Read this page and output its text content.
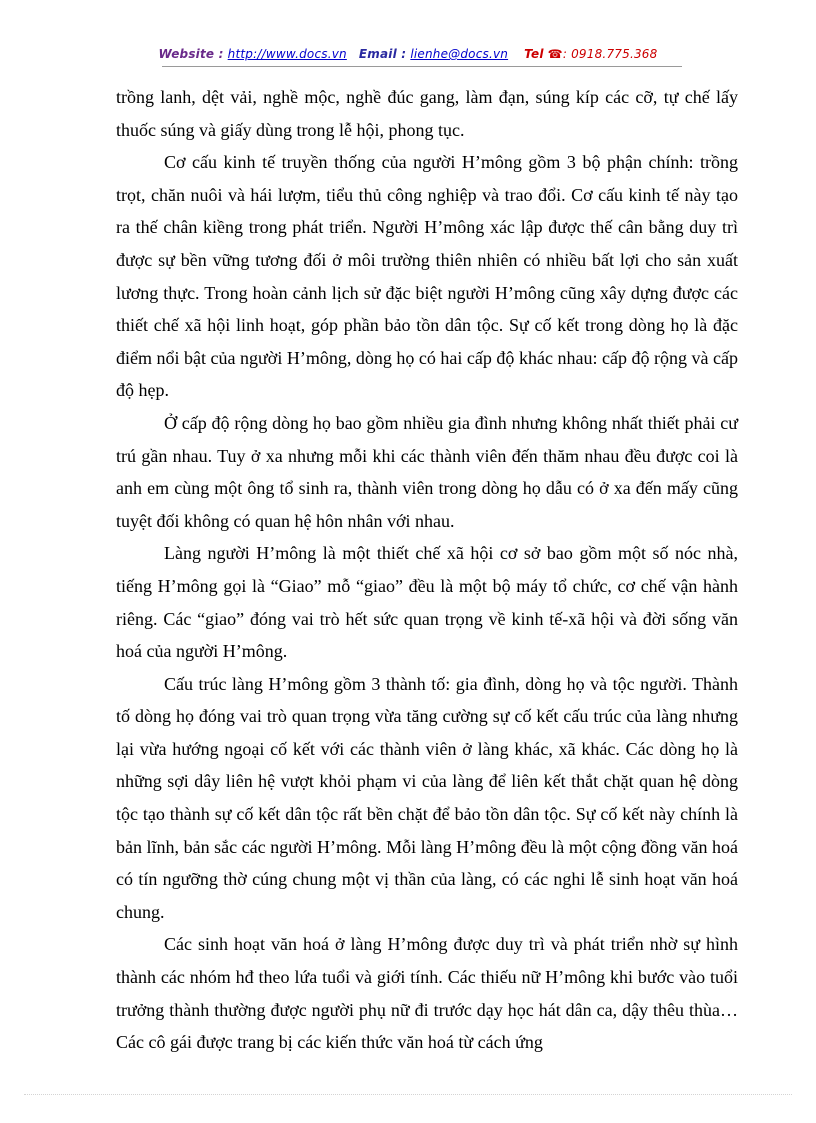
Website : http://www.docs.vn Email : lienhe@docs.vn Tel ☎: 0918.775.368

trồng lanh, dệt vải, nghề mộc, nghề đúc gang, làm đạn, súng kíp các cỡ, tự chế lấy thuốc súng và giấy dùng trong lễ hội, phong tục.

Cơ cấu kinh tế truyền thống của người H’mông gồm 3 bộ phận chính: trồng trọt, chăn nuôi và hái lượm, tiểu thủ công nghiệp và trao đổi. Cơ cấu kinh tế này tạo ra thế chân kiềng trong phát triển. Người H’mông xác lập được thế cân bằng duy trì được sự bền vững tương đối ở môi trường thiên nhiên có nhiều bất lợi cho sản xuất lương thực. Trong hoàn cảnh lịch sử đặc biệt người H’mông cũng xây dựng được các thiết chế xã hội linh hoạt, góp phần bảo tồn dân tộc. Sự cố kết trong dòng họ là đặc điểm nổi bật của người H’mông, dòng họ có hai cấp độ khác nhau: cấp độ rộng và cấp độ hẹp.

Ở cấp độ rộng dòng họ bao gồm nhiều gia đình nhưng không nhất thiết phải cư trú gần nhau. Tuy ở xa nhưng mỗi khi các thành viên đến thăm nhau đều được coi là anh em cùng một ông tổ sinh ra, thành viên trong dòng họ dẫu có ở xa đến mấy cũng tuyệt đối không có quan hệ hôn nhân với nhau.

Làng người H’mông là một thiết chế xã hội cơ sở bao gồm một số nóc nhà, tiếng H’mông gọi là “Giao” mỗ “giao” đều là một bộ máy tổ chức, cơ chế vận hành riêng. Các “giao” đóng vai trò hết sức quan trọng về kinh tế-xã hội và đời sống văn hoá của người H’mông.

Cấu trúc làng H’mông gồm 3 thành tố: gia đình, dòng họ và tộc người. Thành tố dòng họ đóng vai trò quan trọng vừa tăng cường sự cố kết cấu trúc của làng nhưng lại vừa hướng ngoại cố kết với các thành viên ở làng khác, xã khác. Các dòng họ là những sợi dây liên hệ vượt khỏi phạm vi của làng để liên kết thắt chặt quan hệ dòng tộc tạo thành sự cố kết dân tộc rất bền chặt để bảo tồn dân tộc. Sự cố kết này chính là bản lĩnh, bản sắc các người H’mông. Mỗi làng H’mông đều là một cộng đồng văn hoá có tín ngưỡng thờ cúng chung một vị thần của làng, có các nghi lễ sinh hoạt văn hoá chung.

Các sinh hoạt văn hoá ở làng H’mông được duy trì và phát triển nhờ sự hình thành các nhóm hđ theo lứa tuổi và giới tính. Các thiếu nữ H’mông khi bước vào tuổi trưởng thành thường được người phụ nữ đi trước dạy học hát dân ca, dậy thêu thùa… Các cô gái được trang bị các kiến thức văn hoá từ cách ứng
